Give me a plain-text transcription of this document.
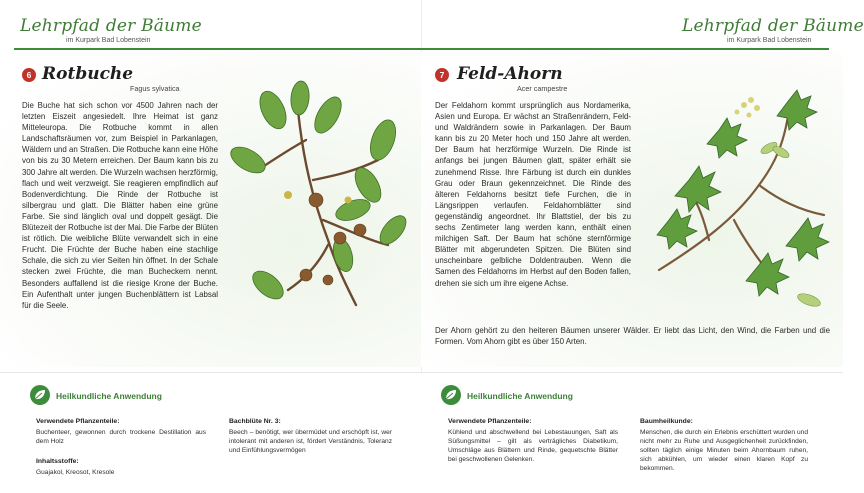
Lehrpfad der Bäume
im Kurpark Bad Lobenstein
6 Rotbuche
Fagus sylvatica
Die Buche hat sich schon vor 4500 Jahren nach der letzten Eiszeit angesiedelt. Ihre Heimat ist ganz Mitteleuropa. Die Rotbuche kommt in allen Landschaftsräumen vor, zum Beispiel in Parkanlagen, Wäldern und an Straßen. Die Rotbuche kann eine Höhe von bis zu 30 Metern erreichen. Der Baum kann bis zu 300 Jahre alt werden. Die Wurzeln wachsen herzförmig, flach und weit verzweigt. Sie reagieren empfindlich auf Bodenverdichtung. Die Rinde der Rotbuche ist silbergrau und glatt. Die Blätter haben eine grüne Farbe. Sie sind länglich oval und doppelt gesägt. Die Blütezeit der Rotbuche ist der Mai. Die Farbe der Blüten ist rötlich. Die weibliche Blüte verwandelt sich in eine Frucht. Die Früchte der Buche haben eine stachlige Schale, die sich zu vier Seiten hin öffnet. In der Schale stecken zwei Früchte, die man Bucheckern nennt. Besonders auffallend ist die riesige Krone der Buche. Ein Aufenthalt unter jungen Buchenblättern ist Labsal für die Seele.
Heilkundliche Anwendung
Verwendete Pflanzenteile:
Buchenteer, gewonnen durch trockene Destillation aus dem Holz
Inhaltsstoffe:
Guajakol, Kreosot, Kresole
Bachblüte Nr. 3:
Beech – benötigt, wer übermüdet und erschöpft ist, wer intolerant mit anderen ist, fördert Verständnis, Toleranz und Einfühlungsvermögen
Lehrpfad der Bäume
im Kurpark Bad Lobenstein
7 Feld-Ahorn
Acer campestre
Der Feldahorn kommt ursprünglich aus Nordamerika, Asien und Europa. Er wächst an Straßenrändern, Feld- und Waldrändern sowie in Parkanlagen. Der Baum kann bis zu 20 Meter hoch und 150 Jahre alt werden. Der Baum hat herzförmige Wurzeln. Die Rinde ist anfangs bei jungen Bäumen glatt, später erhält sie zunehmend Risse. Ihre Färbung ist durch ein dunkles Grau oder Braun gekennzeichnet. Die Rinde des älteren Feldahorns besitzt tiefe Furchen, die in Längsrippen verlaufen. Feldahornblätter sind gegenständig angeordnet. Ihr Blattstiel, der bis zu sechs Zentimeter lang werden kann, enthält einen milchigen Saft. Der Baum hat schöne sternförmige Blätter mit abgerundeten Spitzen. Die Blüten sind unscheinbare gelbliche Doldentrauben. Wenn die Samen des Feldahorns im Herbst auf den Boden fallen, drehen sie sich um ihre eigene Achse.
Der Ahorn gehört zu den heiteren Bäumen unserer Wälder. Er liebt das Licht, den Wind, die Farben und die Formen. Vom Ahorn gibt es über 150 Arten.
Heilkundliche Anwendung
Verwendete Pflanzenteile:
Kühlend und abschwellend bei Lebestauungen, Saft als Süßungsmittel – gilt als verträgliches Diabetikum, Umschläge aus Blättern und Rinde, gequetschte Blätter bei geschwollenen Gelenken.
Baumheilkunde:
Menschen, die durch ein Erlebnis erschüttert wurden und nicht mehr zu Ruhe und Ausgeglichenheit zurückfinden, sollten täglich einige Minuten beim Ahornbaum ruhen, sich abkühlen, um wieder einen klaren Kopf zu bekommen.
